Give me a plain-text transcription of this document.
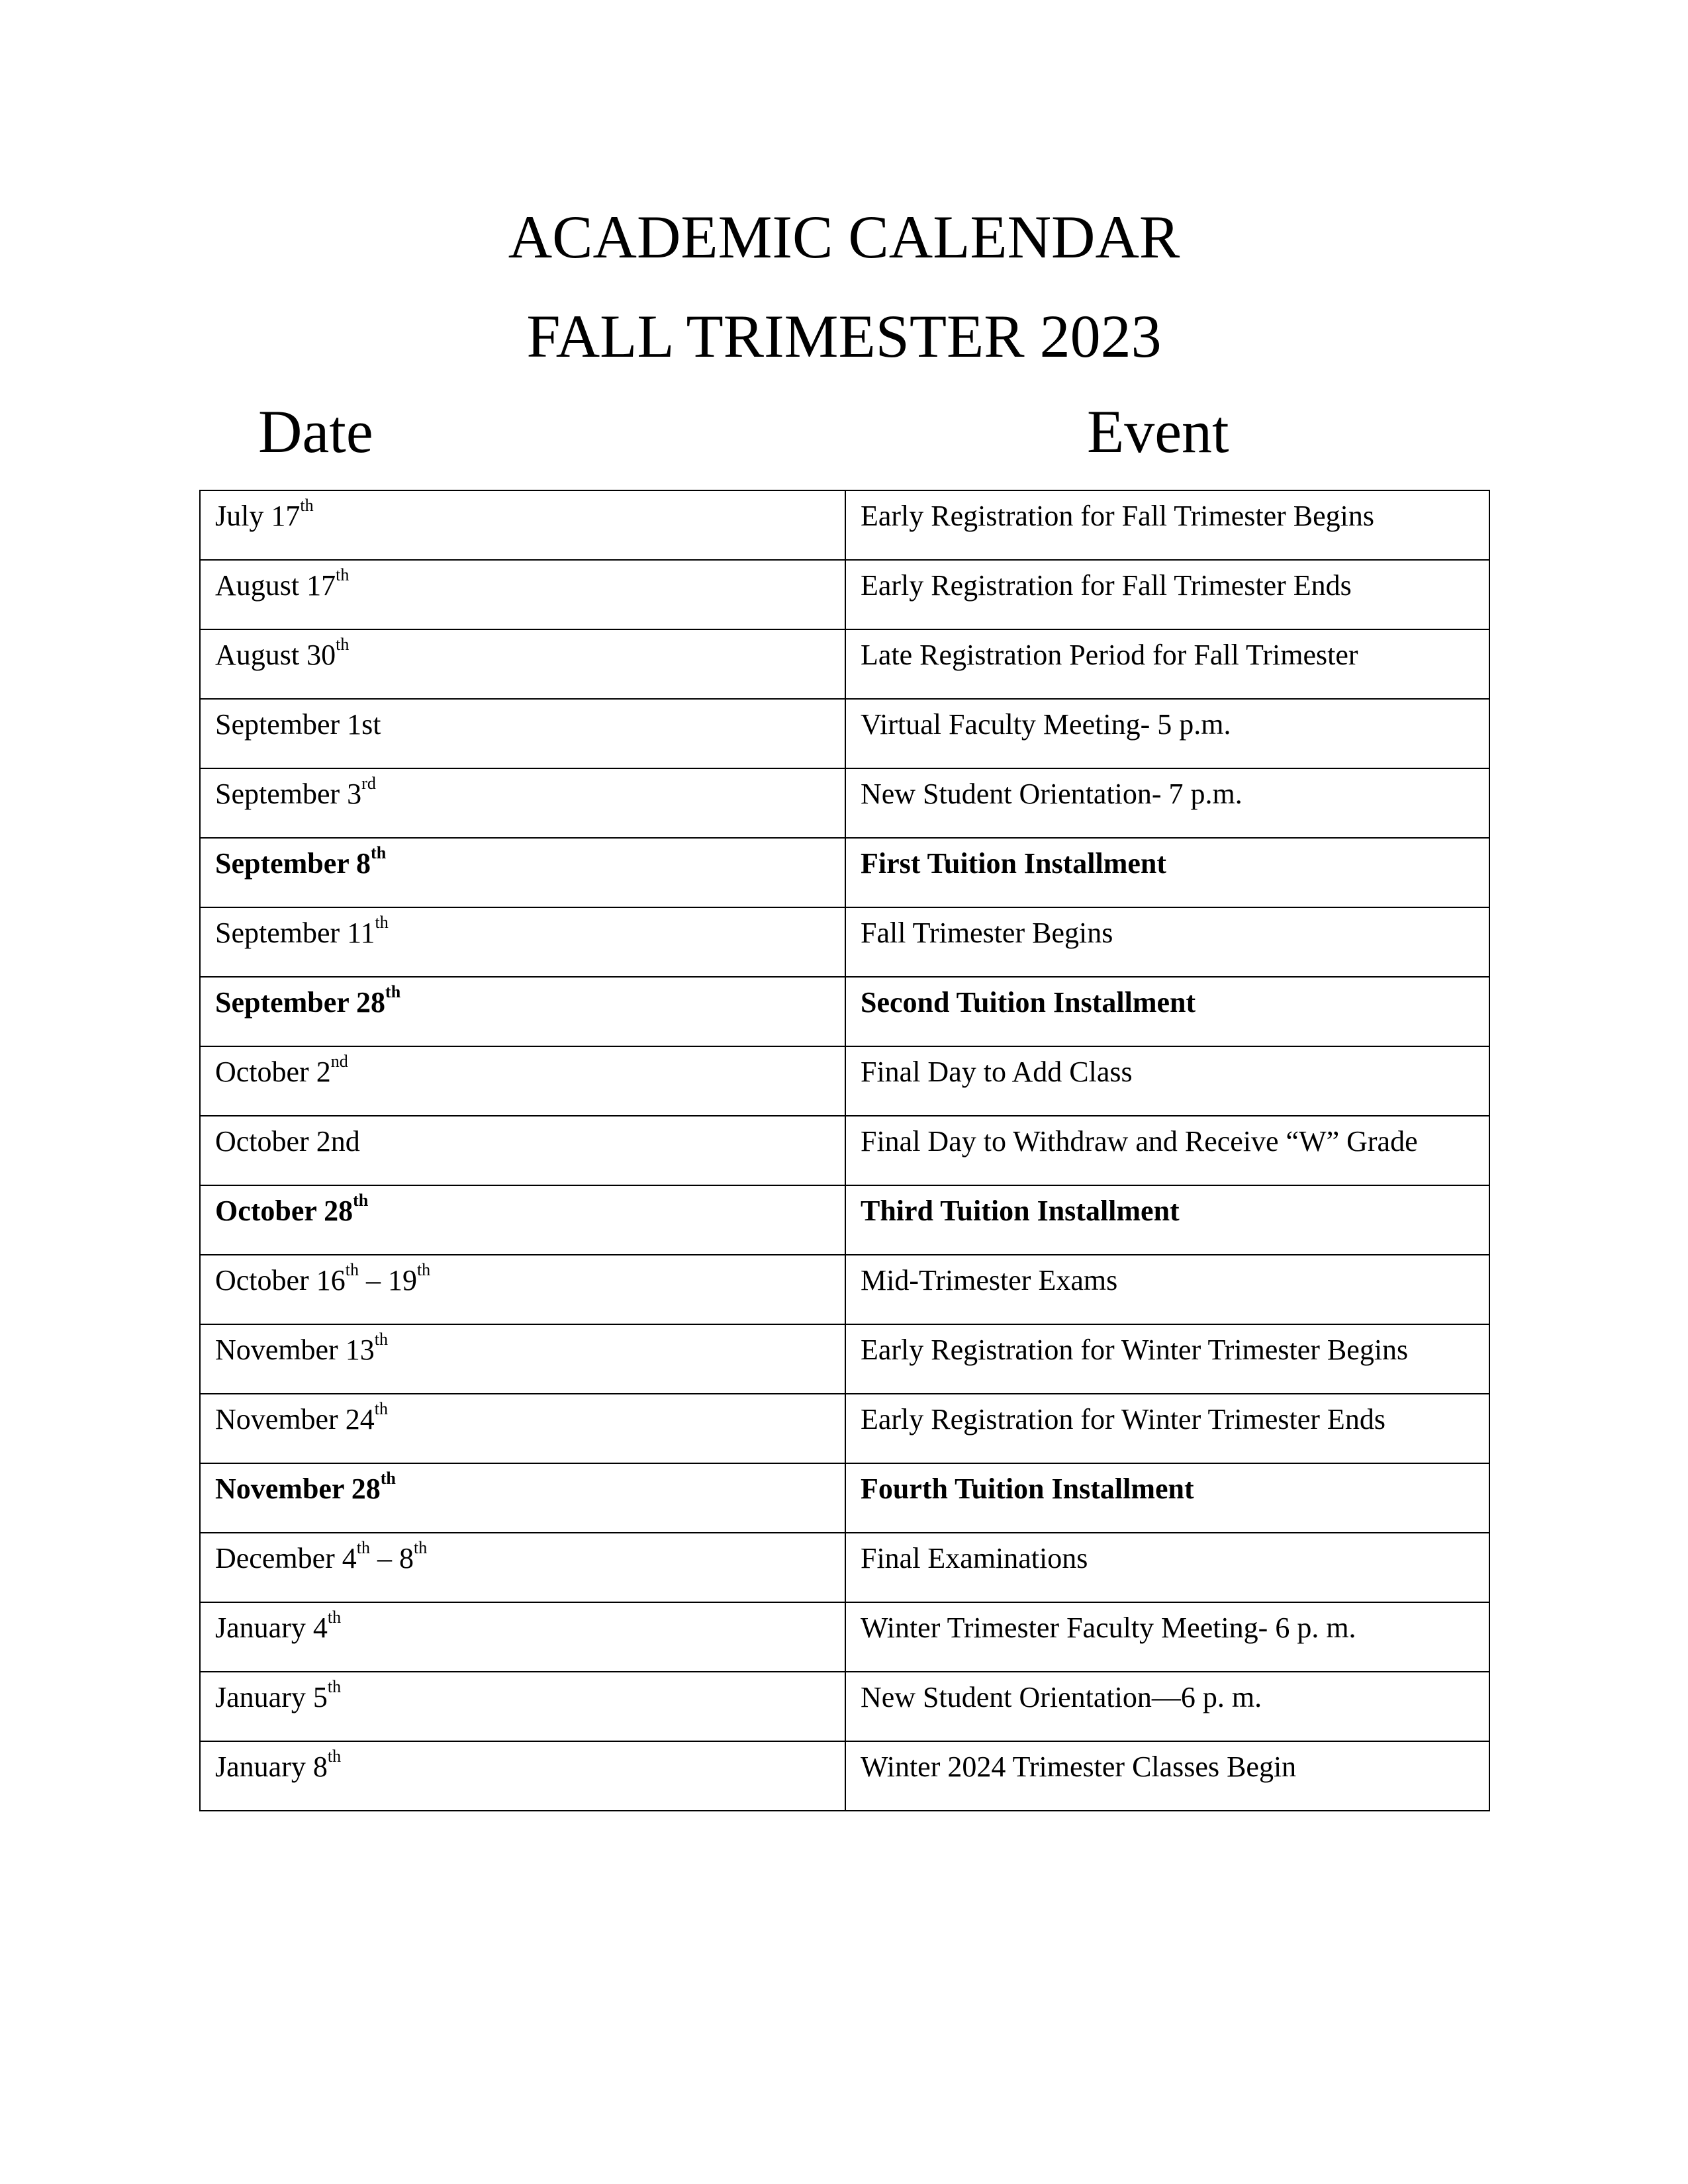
ACADEMIC CALENDAR
FALL TRIMESTER 2023
Date	Event
July 17th	Early Registration for Fall Trimester Begins
August 17th	Early Registration for Fall Trimester Ends
August 30th	Late Registration Period for Fall Trimester
September 1st	Virtual Faculty Meeting- 5 p.m.
September 3rd	New Student Orientation- 7 p.m.
September 8th	First Tuition Installment
September 11th	Fall Trimester Begins
September 28th	Second Tuition Installment
October 2nd	Final Day to Add Class
October 2nd	Final Day to Withdraw and Receive “W” Grade
October 28th	Third Tuition Installment
October 16th – 19th	Mid-Trimester Exams
November 13th	Early Registration for Winter Trimester Begins
November 24th	Early Registration for Winter Trimester Ends
November 28th	Fourth Tuition Installment
December 4th – 8th	Final Examinations
January 4th	Winter Trimester Faculty Meeting- 6 p. m.
January 5th	New Student Orientation—6 p. m.
January 8th	Winter 2024 Trimester Classes Begin
